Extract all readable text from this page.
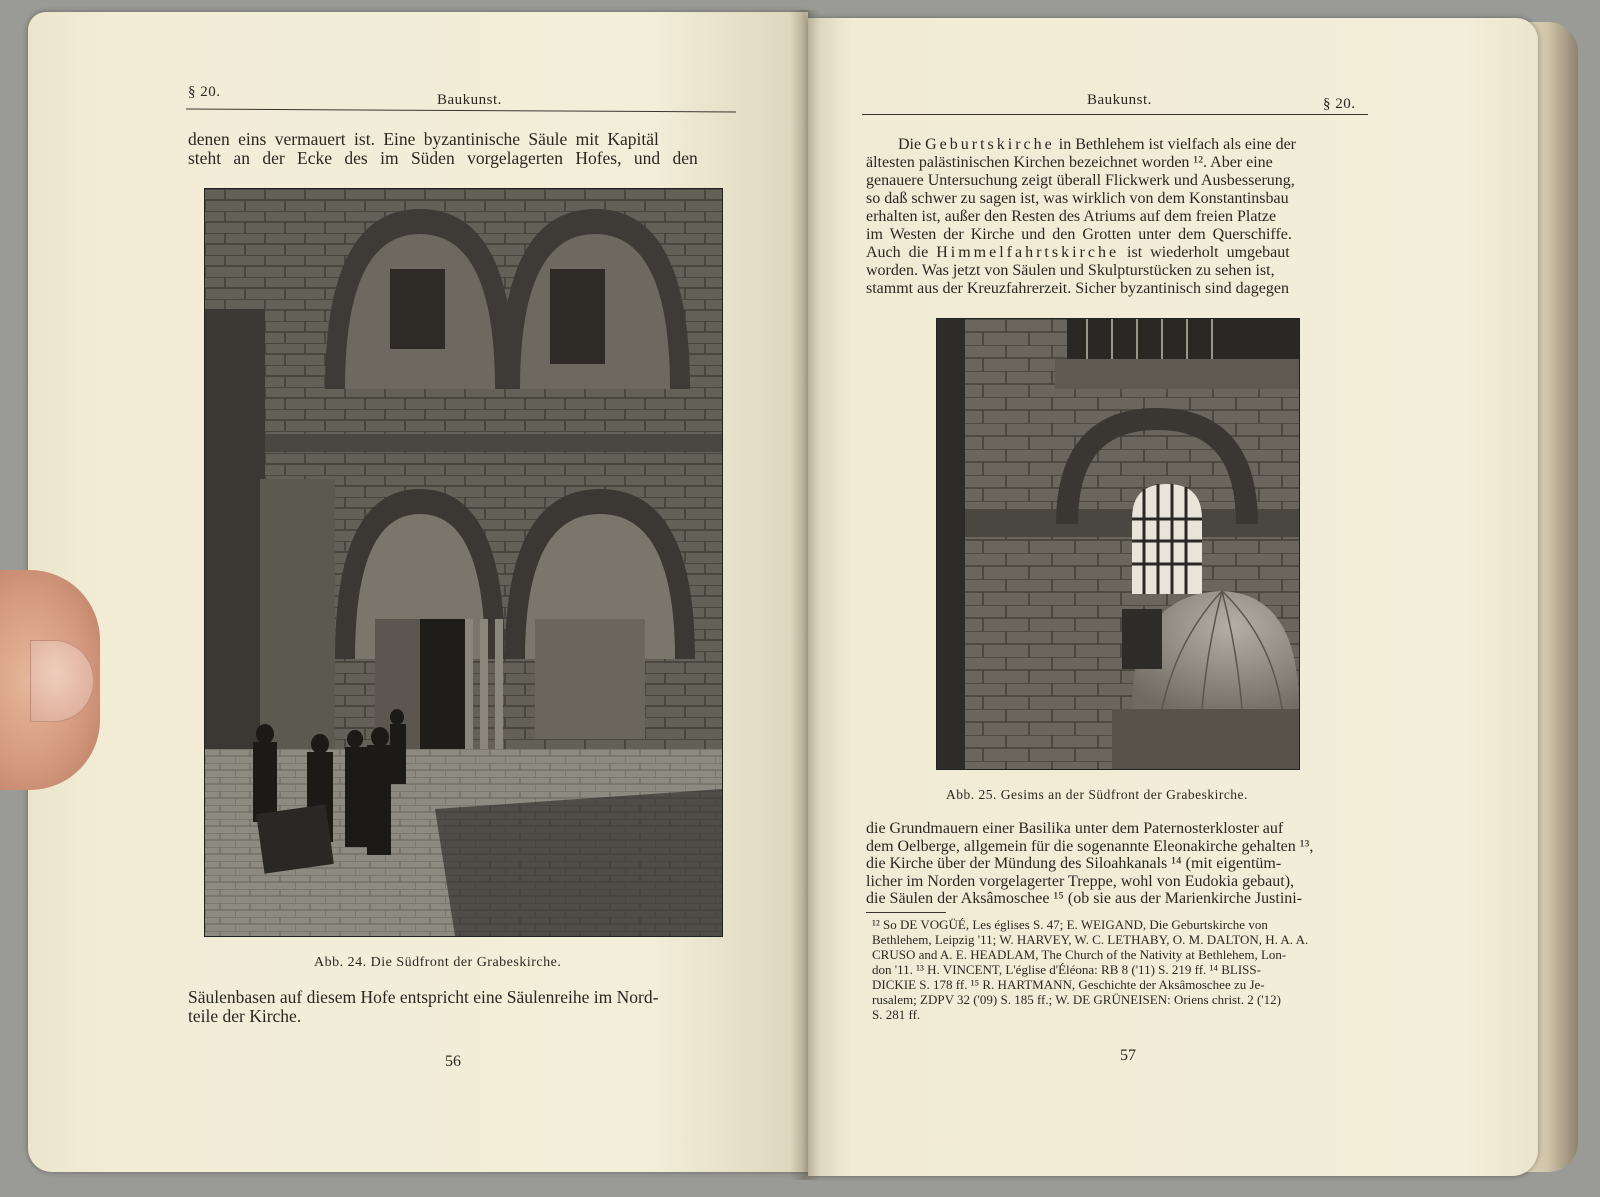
§ 20.	Baukunst.
denen eins vermauert ist. Eine byzantinische Säule mit Kapitäl
steht an der Ecke des im Süden vorgelagerten Hofes, und den
Abb. 24. Die Südfront der Grabeskirche.
Säulenbasen auf diesem Hofe entspricht eine Säulenreihe im Nord-
teile der Kirche.
56
Baukunst.	§ 20.
Die Geburtskirche in Bethlehem ist vielfach als eine der
ältesten palästinischen Kirchen bezeichnet worden ¹². Aber eine
genauere Untersuchung zeigt überall Flickwerk und Ausbesserung,
so daß schwer zu sagen ist, was wirklich von dem Konstantinsbau
erhalten ist, außer den Resten des Atriums auf dem freien Platze
im Westen der Kirche und den Grotten unter dem Querschiffe.
Auch die Himmelfahrtskirche ist wiederholt umgebaut
worden. Was jetzt von Säulen und Skulpturstücken zu sehen ist,
stammt aus der Kreuzfahrerzeit. Sicher byzantinisch sind dagegen
Abb. 25. Gesims an der Südfront der Grabeskirche.
die Grundmauern einer Basilika unter dem Paternosterkloster auf
dem Oelberge, allgemein für die sogenannte Eleonakirche gehalten ¹³,
die Kirche über der Mündung des Siloahkanals ¹⁴ (mit eigentüm-
licher im Norden vorgelagerter Treppe, wohl von Eudokia gebaut),
die Säulen der Aksâmoschee ¹⁵ (ob sie aus der Marienkirche Justini-
¹² So DE VOGÜÉ, Les églises S. 47; E. WEIGAND, Die Geburtskirche von
Bethlehem, Leipzig '11; W. HARVEY, W. C. LETHABY, O. M. DALTON, H. A. A.
CRUSO and A. E. HEADLAM, The Church of the Nativity at Bethlehem, Lon-
don '11. ¹³ H. VINCENT, L'église d'Éléona: RB 8 ('11) S. 219 ff. ¹⁴ BLISS-
DICKIE S. 178 ff. ¹⁵ R. HARTMANN, Geschichte der Aksâmoschee zu Je-
rusalem; ZDPV 32 ('09) S. 185 ff.; W. DE GRÜNEISEN: Oriens christ. 2 ('12)
S. 281 ff.
57
